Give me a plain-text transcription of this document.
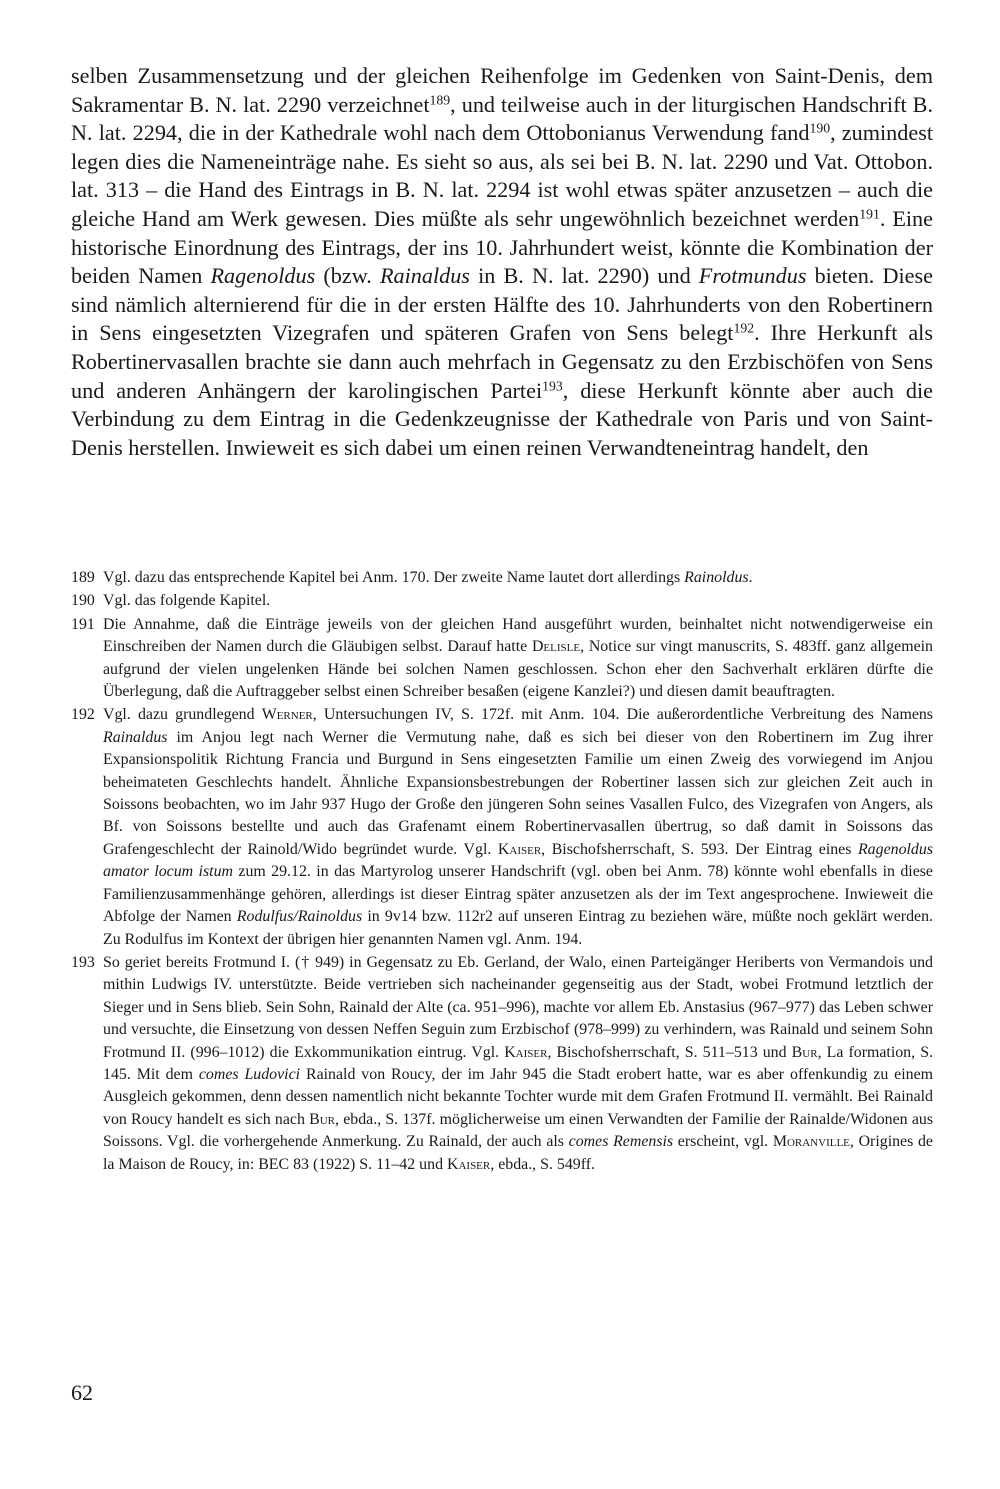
selben Zusammensetzung und der gleichen Reihenfolge im Gedenken von Saint-Denis, dem Sakramentar B. N. lat. 2290 verzeichnet$^{189}$, und teilweise auch in der liturgischen Handschrift B. N. lat. 2294, die in der Kathedrale wohl nach dem Ottobonianus Verwendung fand$^{190}$, zumindest legen dies die Nameneinträge nahe. Es sieht so aus, als sei bei B. N. lat. 2290 und Vat. Ottobon. lat. 313 – die Hand des Eintrags in B. N. lat. 2294 ist wohl etwas später anzusetzen – auch die gleiche Hand am Werk gewesen. Dies müßte als sehr ungewöhnlich bezeichnet werden$^{191}$. Eine historische Einordnung des Eintrags, der ins 10. Jahrhundert weist, könnte die Kombination der beiden Namen Ragenoldus (bzw. Rainaldus in B. N. lat. 2290) und Frotmundus bieten. Diese sind nämlich alternierend für die in der ersten Hälfte des 10. Jahrhunderts von den Robertinern in Sens eingesetzten Vizegrafen und späteren Grafen von Sens belegt$^{192}$. Ihre Herkunft als Robertinervasallen brachte sie dann auch mehrfach in Gegensatz zu den Erzbischöfen von Sens und anderen Anhängern der karolingischen Partei$^{193}$, diese Herkunft könnte aber auch die Verbindung zu dem Eintrag in die Gedenkzeugnisse der Kathedrale von Paris und von Saint-Denis herstellen. Inwieweit es sich dabei um einen reinen Verwandteneintrag handelt, den

189 Vgl. dazu das entsprechende Kapitel bei Anm. 170. Der zweite Name lautet dort allerdings Rainoldus.
190 Vgl. das folgende Kapitel.
191 Die Annahme, daß die Einträge jeweils von der gleichen Hand ausgeführt wurden, beinhaltet nicht notwendigerweise ein Einschreiben der Namen durch die Gläubigen selbst. Darauf hatte Delisle, Notice sur vingt manuscrits, S. 483ff. ganz allgemein aufgrund der vielen ungelenken Hände bei solchen Namen geschlossen. Schon eher den Sachverhalt erklären dürfte die Überlegung, daß die Auftraggeber selbst einen Schreiber besaßen (eigene Kanzlei?) und diesen damit beauftragten.
192 Vgl. dazu grundlegend Werner, Untersuchungen IV, S. 172f. mit Anm. 104. Die außerordentliche Verbreitung des Namens Rainaldus im Anjou legt nach Werner die Vermutung nahe, daß es sich bei dieser von den Robertinern im Zug ihrer Expansionspolitik Richtung Francia und Burgund in Sens eingesetzten Familie um einen Zweig des vorwiegend im Anjou beheimateten Geschlechts handelt. Ähnliche Expansionsbestrebungen der Robertiner lassen sich zur gleichen Zeit auch in Soissons beobachten, wo im Jahr 937 Hugo der Große den jüngeren Sohn seines Vasallen Fulco, des Vizegrafen von Angers, als Bf. von Soissons bestellte und auch das Grafenamt einem Robertinervasallen übertrug, so daß damit in Soissons das Grafengeschlecht der Rainold/Wido begründet wurde. Vgl. Kaiser, Bischofsherrschaft, S. 593. Der Eintrag eines Ragenoldus amator locum istum zum 29.12. in das Martyrolog unserer Handschrift (vgl. oben bei Anm. 78) könnte wohl ebenfalls in diese Familienzusammenhänge gehören, allerdings ist dieser Eintrag später anzusetzen als der im Text angesprochene. Inwieweit die Abfolge der Namen Rodulfus/Rainoldus in 9v14 bzw. 112r2 auf unseren Eintrag zu beziehen wäre, müßte noch geklärt werden. Zu Rodulfus im Kontext der übrigen hier genannten Namen vgl. Anm. 194.
193 So geriet bereits Frotmund I. († 949) in Gegensatz zu Eb. Gerland, der Walo, einen Parteigänger Heriberts von Vermandois und mithin Ludwigs IV. unterstützte. Beide vertrieben sich nacheinander gegenseitig aus der Stadt, wobei Frotmund letztlich der Sieger und in Sens blieb. Sein Sohn, Rainald der Alte (ca. 951–996), machte vor allem Eb. Anstasius (967–977) das Leben schwer und versuchte, die Einsetzung von dessen Neffen Seguin zum Erzbischof (978–999) zu verhindern, was Rainald und seinem Sohn Frotmund II. (996–1012) die Exkommunikation eintrug. Vgl. Kaiser, Bischofsherrschaft, S. 511–513 und Bur, La formation, S. 145. Mit dem comes Ludovici Rainald von Roucy, der im Jahr 945 die Stadt erobert hatte, war es aber offenkundig zu einem Ausgleich gekommen, denn dessen namentlich nicht bekannte Tochter wurde mit dem Grafen Frotmund II. vermählt. Bei Rainald von Roucy handelt es sich nach Bur, ebda., S. 137f. möglicherweise um einen Verwandten der Familie der Rainalde/Widonen aus Soissons. Vgl. die vorhergehende Anmerkung. Zu Rainald, der auch als comes Remensis erscheint, vgl. Moranville, Origines de la Maison de Roucy, in: BEC 83 (1922) S. 11–42 und Kaiser, ebda., S. 549ff.
62
